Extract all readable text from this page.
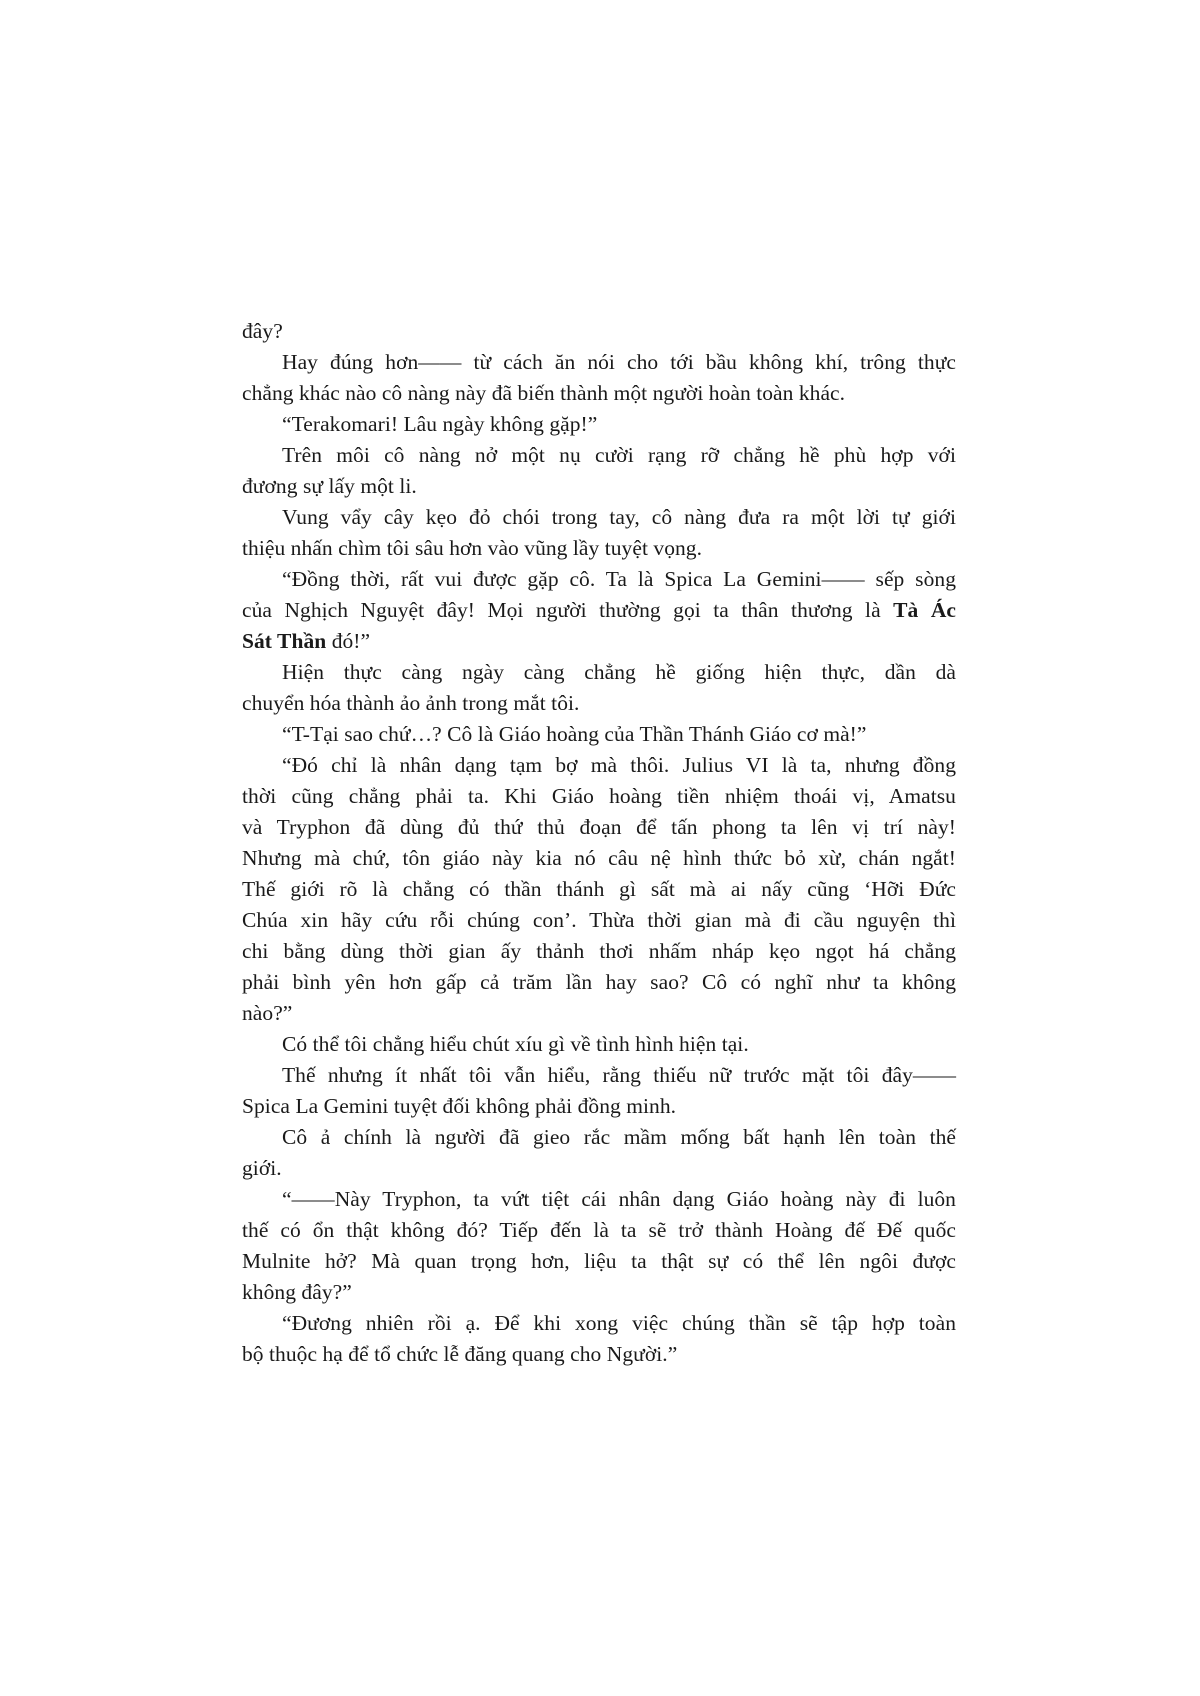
đây?
Hay đúng hơn—— từ cách ăn nói cho tới bầu không khí, trông thực
chẳng khác nào cô nàng này đã biến thành một người hoàn toàn khác.
“Terakomari! Lâu ngày không gặp!”
Trên môi cô nàng nở một nụ cười rạng rỡ chẳng hề phù hợp với
đương sự lấy một li.
Vung vẩy cây kẹo đỏ chói trong tay, cô nàng đưa ra một lời tự giới
thiệu nhấn chìm tôi sâu hơn vào vũng lầy tuyệt vọng.
“Đồng thời, rất vui được gặp cô. Ta là Spica La Gemini—— sếp sòng
của Nghịch Nguyệt đây! Mọi người thường gọi ta thân thương là Tà Ác
Sát Thần đó!”
Hiện thực càng ngày càng chẳng hề giống hiện thực, dần dà
chuyển hóa thành ảo ảnh trong mắt tôi.
“T-Tại sao chứ…? Cô là Giáo hoàng của Thần Thánh Giáo cơ mà!”
“Đó chỉ là nhân dạng tạm bợ mà thôi. Julius VI là ta, nhưng đồng
thời cũng chẳng phải ta. Khi Giáo hoàng tiền nhiệm thoái vị, Amatsu
và Tryphon đã dùng đủ thứ thủ đoạn để tấn phong ta lên vị trí này!
Nhưng mà chứ, tôn giáo này kia nó câu nệ hình thức bỏ xừ, chán ngắt!
Thế giới rõ là chẳng có thần thánh gì sất mà ai nấy cũng ‘Hỡi Đức
Chúa xin hãy cứu rỗi chúng con’. Thừa thời gian mà đi cầu nguyện thì
chi bằng dùng thời gian ấy thảnh thơi nhấm nháp kẹo ngọt há chẳng
phải bình yên hơn gấp cả trăm lần hay sao? Cô có nghĩ như ta không
nào?”
Có thể tôi chẳng hiểu chút xíu gì về tình hình hiện tại.
Thế nhưng ít nhất tôi vẫn hiểu, rằng thiếu nữ trước mặt tôi đây——
Spica La Gemini tuyệt đối không phải đồng minh.
Cô ả chính là người đã gieo rắc mầm mống bất hạnh lên toàn thế
giới.
“——Này Tryphon, ta vứt tiệt cái nhân dạng Giáo hoàng này đi luôn
thế có ổn thật không đó? Tiếp đến là ta sẽ trở thành Hoàng đế Đế quốc
Mulnite hở? Mà quan trọng hơn, liệu ta thật sự có thể lên ngôi được
không đây?”
“Đương nhiên rồi ạ. Để khi xong việc chúng thần sẽ tập hợp toàn
bộ thuộc hạ để tổ chức lễ đăng quang cho Người.”
